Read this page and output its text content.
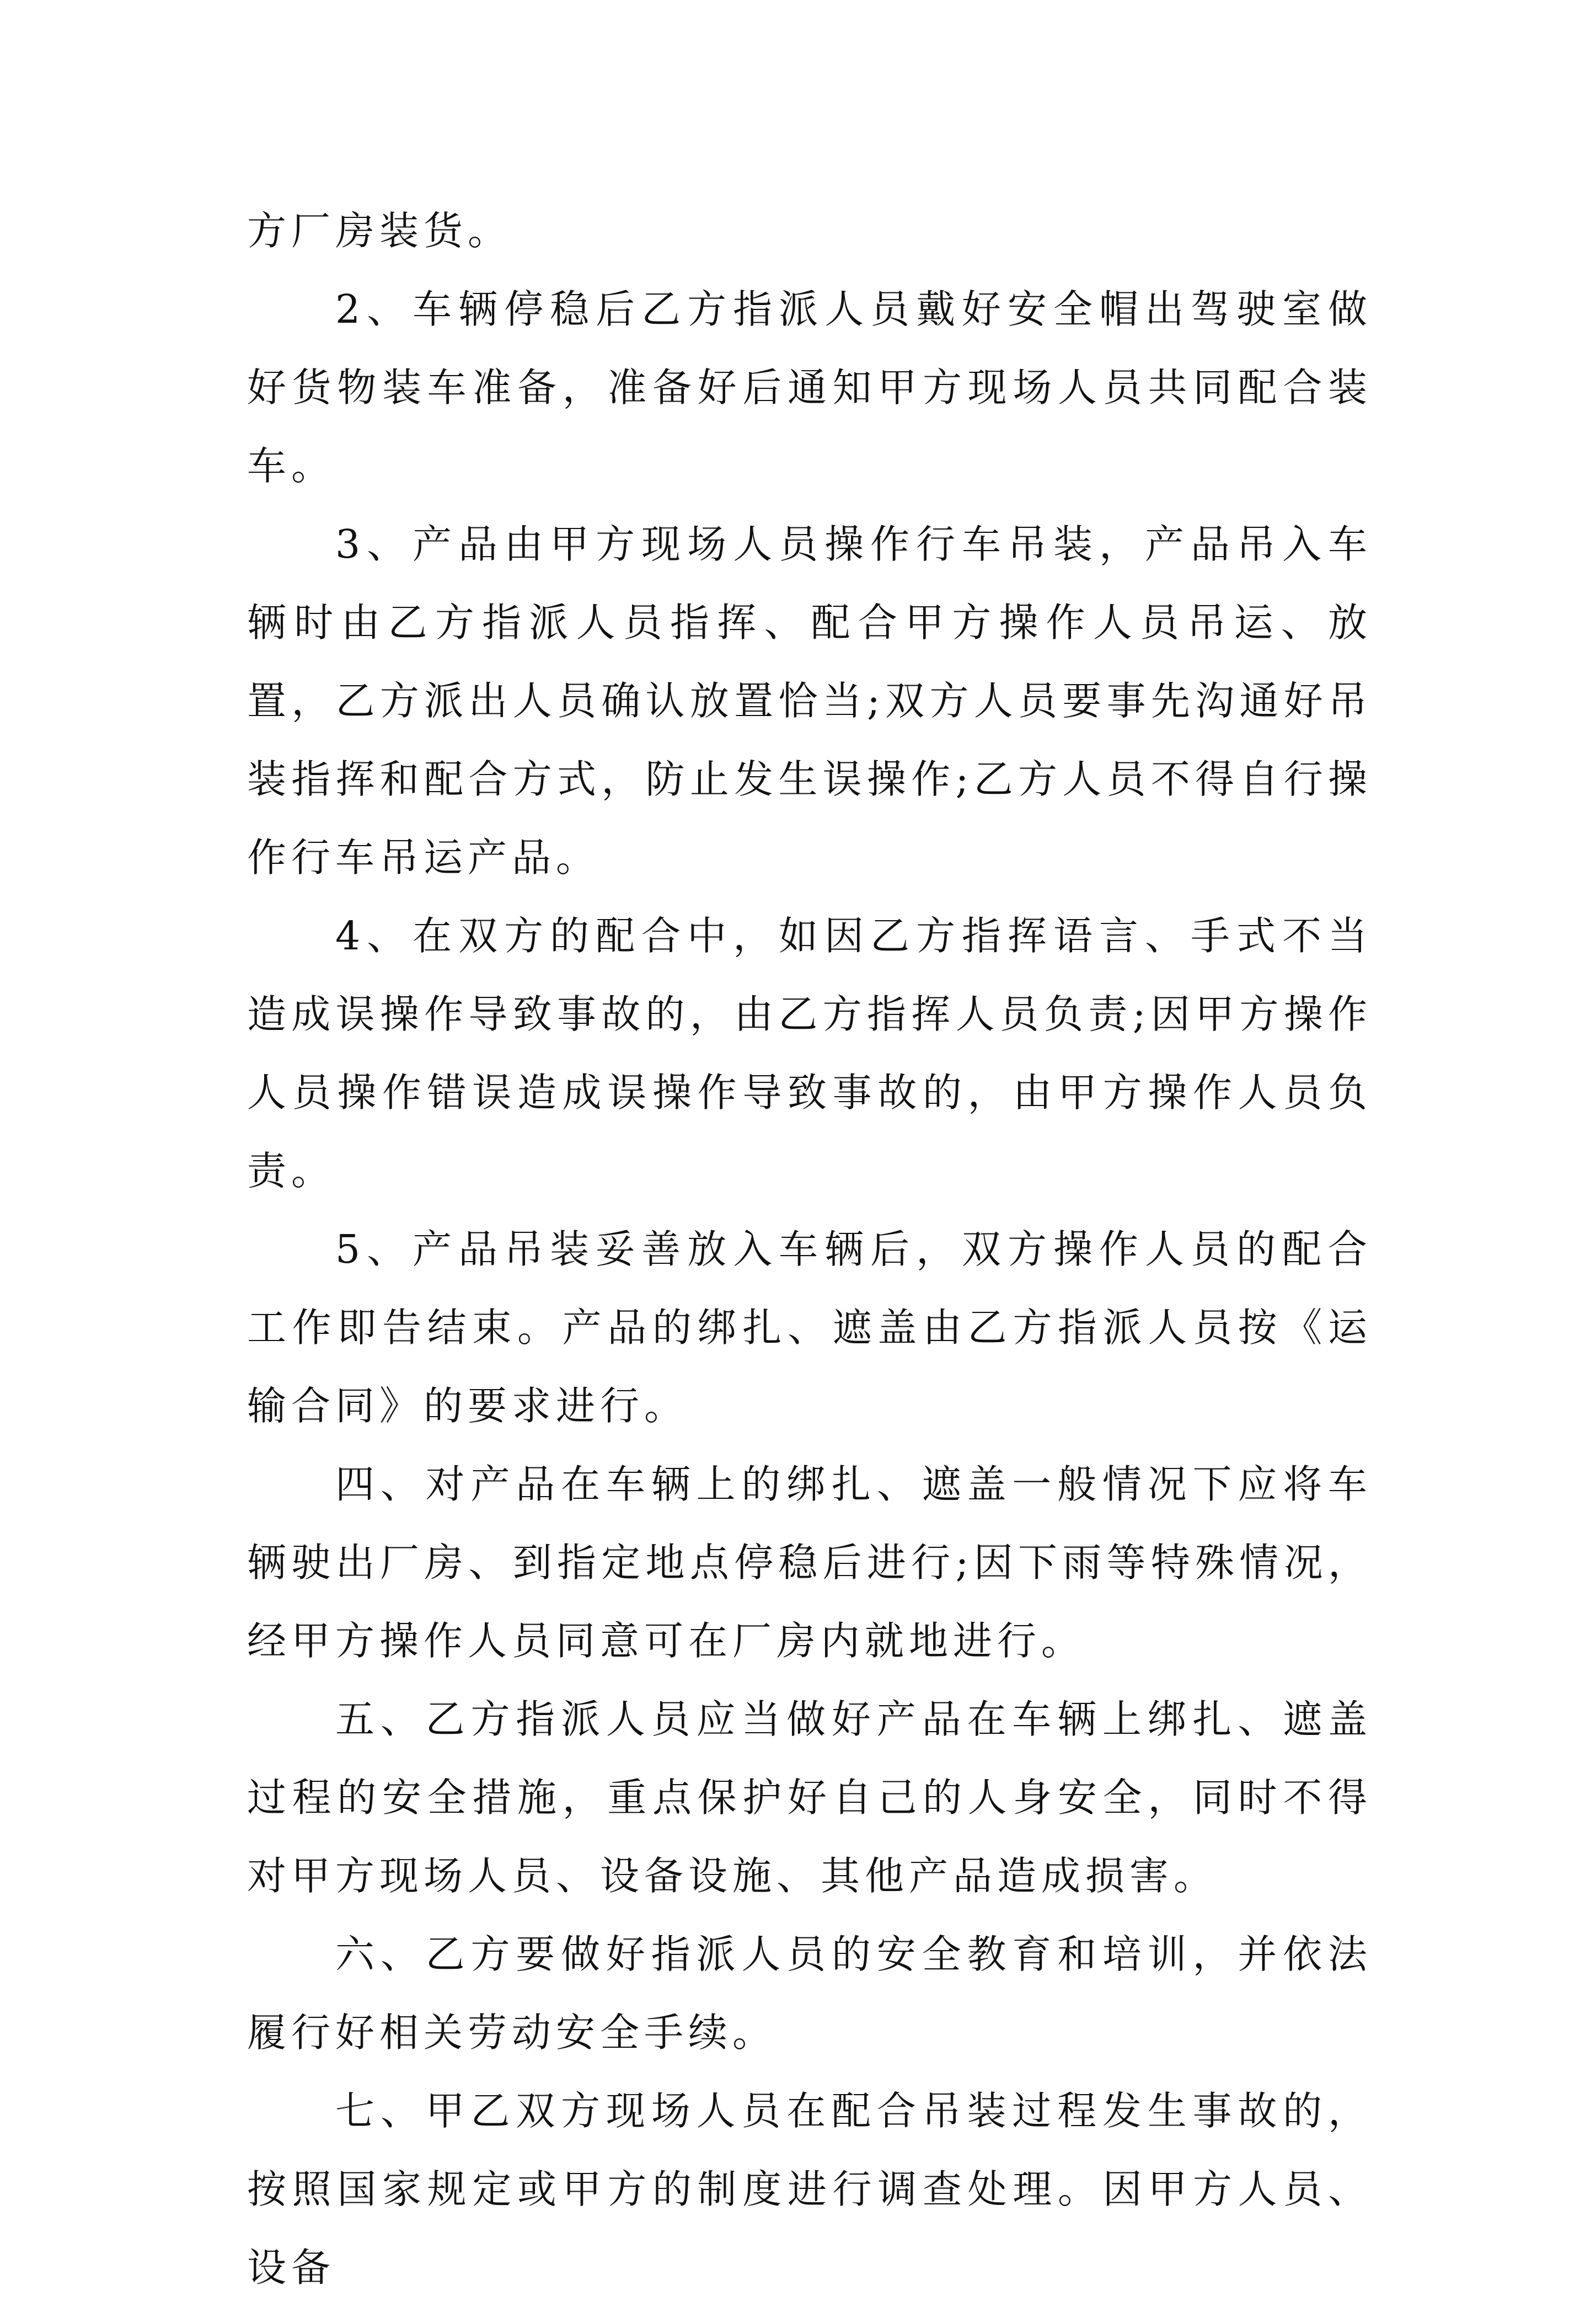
方厂房装货。

2、车辆停稳后乙方指派人员戴好安全帽出驾驶室做好货物装车准备，准备好后通知甲方现场人员共同配合装车。

3、产品由甲方现场人员操作行车吊装，产品吊入车辆时由乙方指派人员指挥、配合甲方操作人员吊运、放置，乙方派出人员确认放置恰当;双方人员要事先沟通好吊装指挥和配合方式，防止发生误操作;乙方人员不得自行操作行车吊运产品。

4、在双方的配合中，如因乙方指挥语言、手式不当造成误操作导致事故的，由乙方指挥人员负责;因甲方操作人员操作错误造成误操作导致事故的，由甲方操作人员负责。

5、产品吊装妥善放入车辆后，双方操作人员的配合工作即告结束。产品的绑扎、遮盖由乙方指派人员按《运输合同》的要求进行。

四、对产品在车辆上的绑扎、遮盖一般情况下应将车辆驶出厂房、到指定地点停稳后进行;因下雨等特殊情况，经甲方操作人员同意可在厂房内就地进行。

五、乙方指派人员应当做好产品在车辆上绑扎、遮盖过程的安全措施，重点保护好自己的人身安全，同时不得对甲方现场人员、设备设施、其他产品造成损害。

六、乙方要做好指派人员的安全教育和培训，并依法履行好相关劳动安全手续。

七、甲乙双方现场人员在配合吊装过程发生事故的，按照国家规定或甲方的制度进行调查处理。因甲方人员、设备
